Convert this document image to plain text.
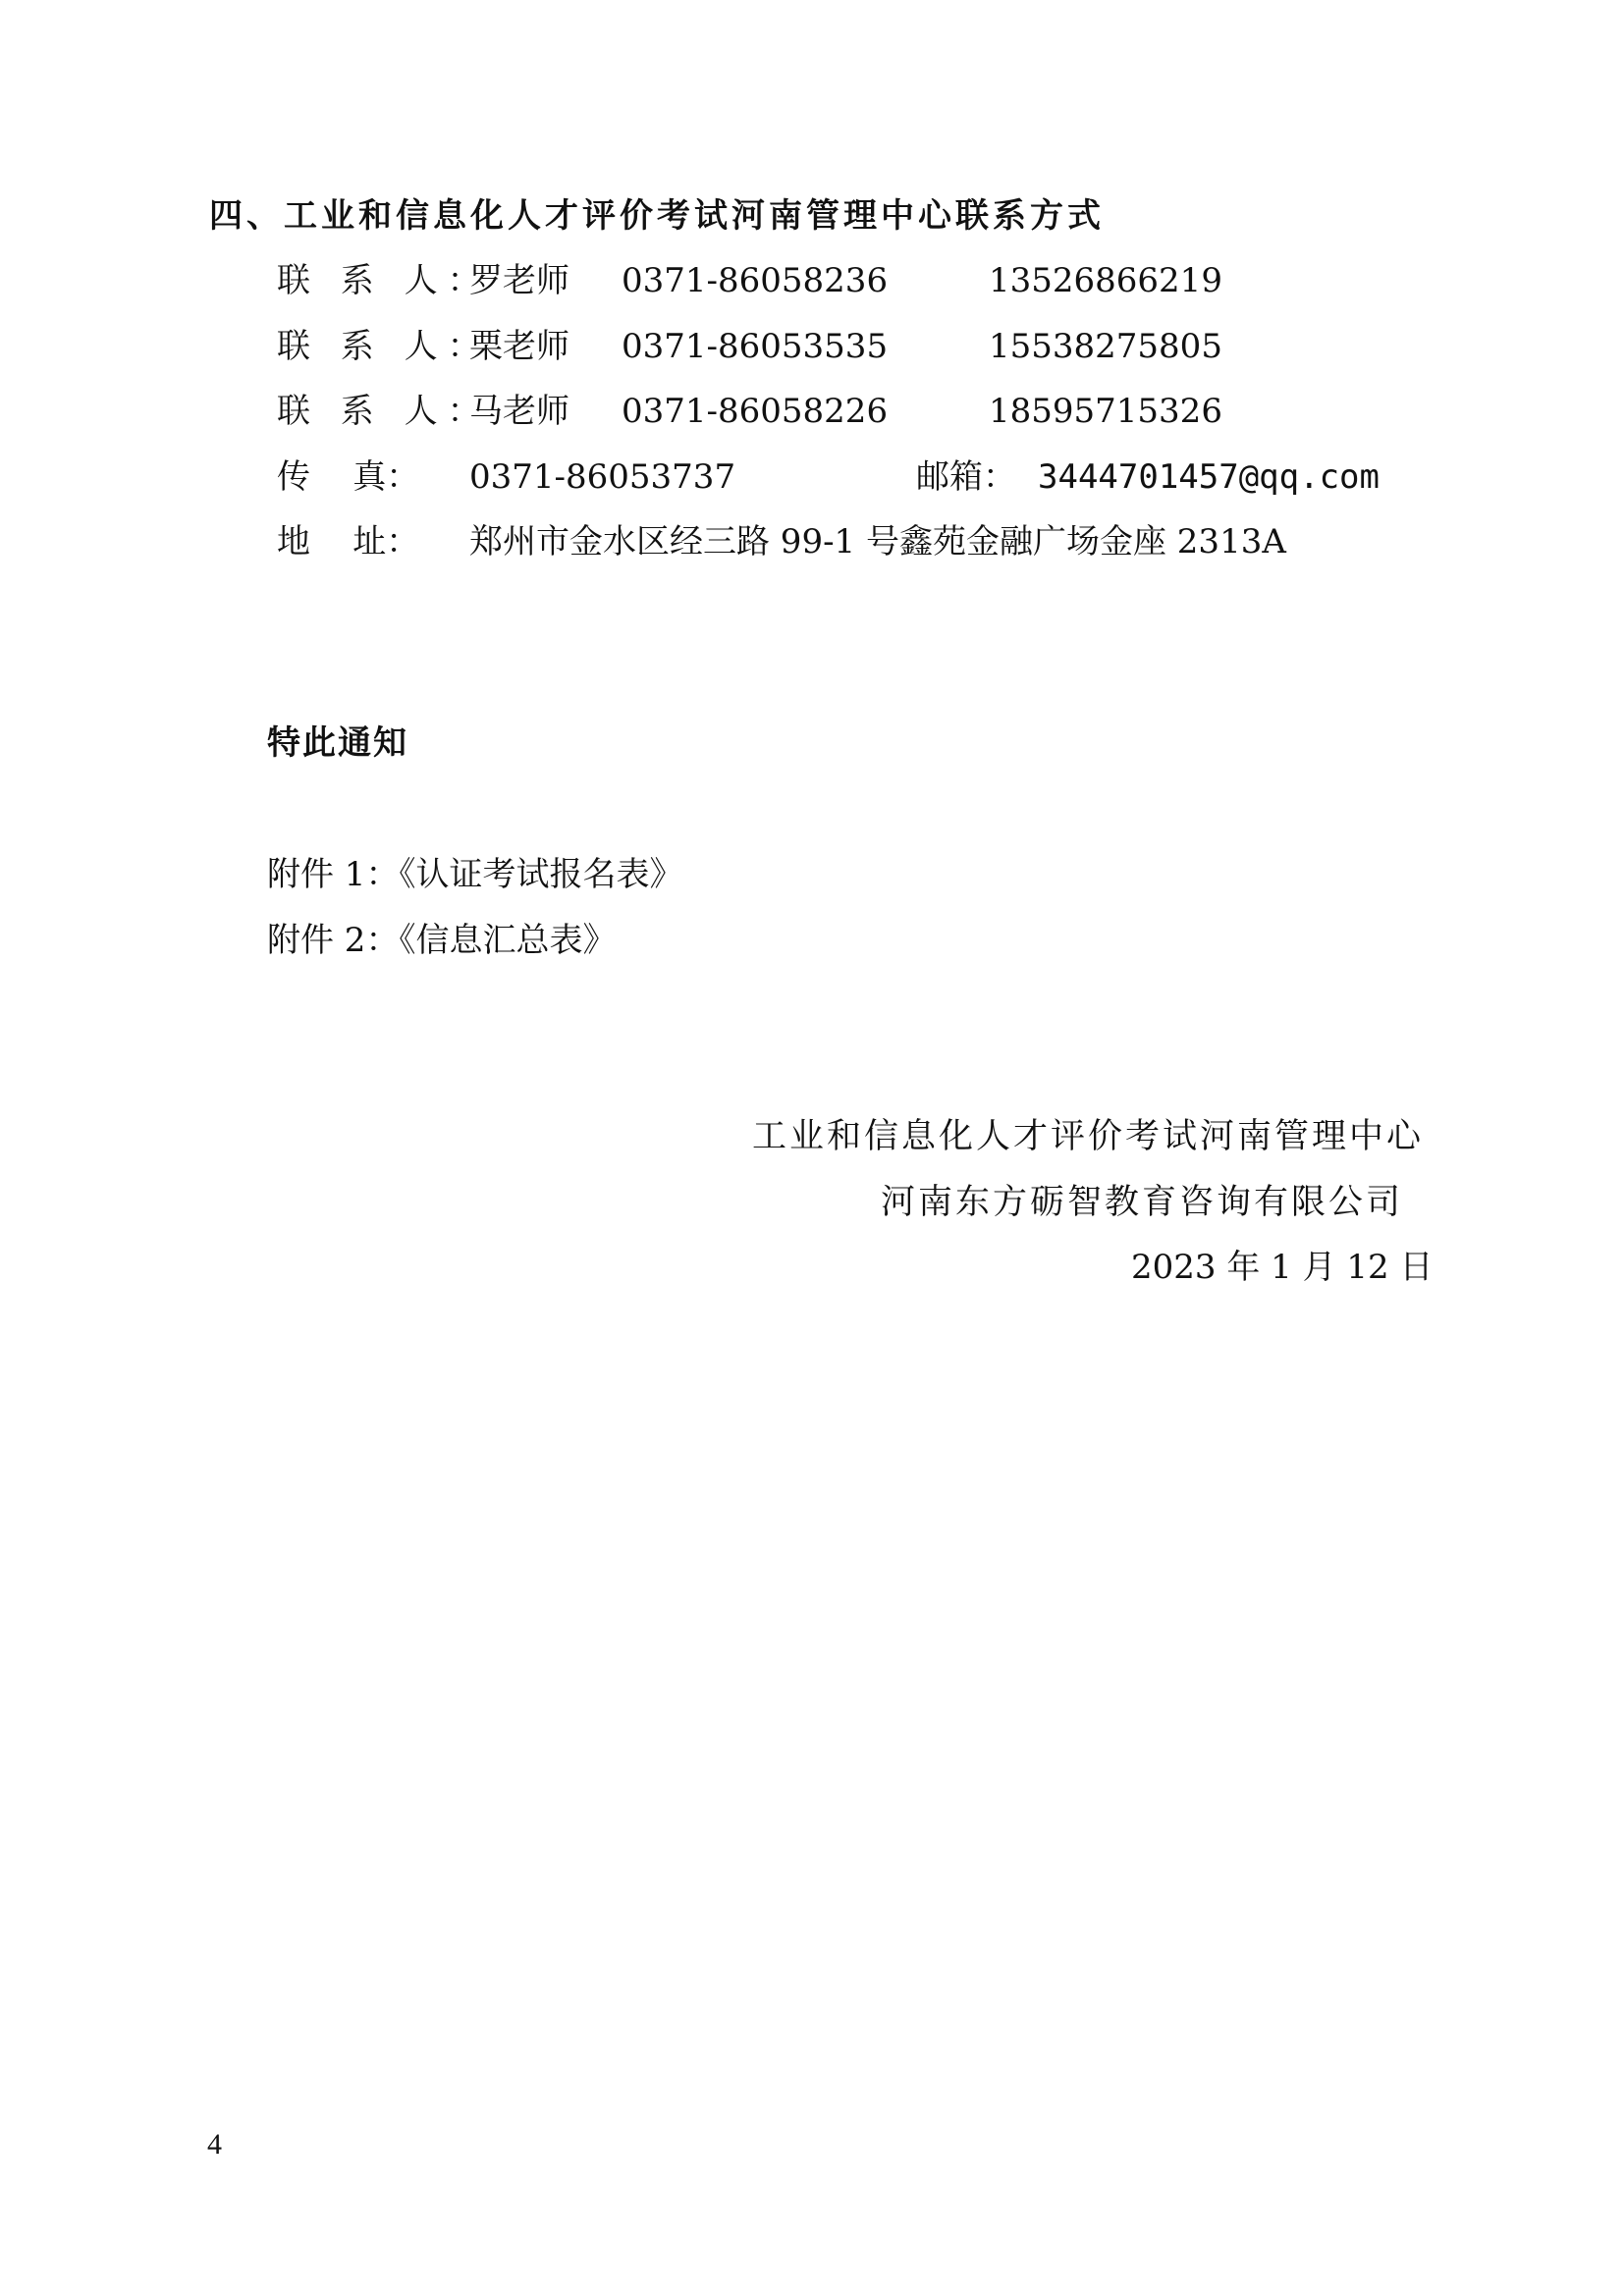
四、工业和信息化人才评价考试河南管理中心联系方式
联 系 人：
罗老师 0371-86058236	13526866219
联 系 人：
栗老师 0371-86053535	15538275805
联 系 人：
马老师 0371-86058226	18595715326
传    真： 0371-86053737	邮箱： 3444701457@qq.com
地    址： 郑州市金水区经三路 99-1 号鑫苑金融广场金座 2313A
特此通知
附件 1：《认证考试报名表》
附件 2：《信息汇总表》
工业和信息化人才评价考试河南管理中心
河南东方砺智教育咨询有限公司
2023 年 1 月 12 日
4
